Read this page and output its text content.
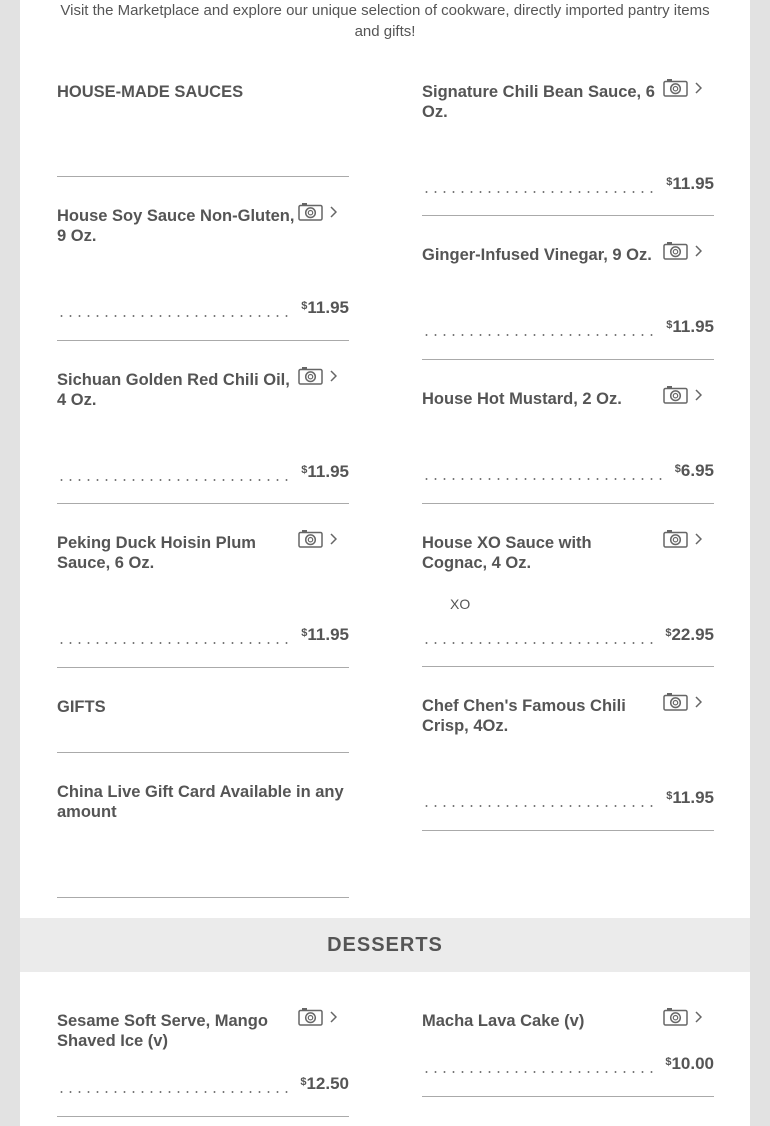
Visit the Marketplace and explore our unique selection of cookware, directly imported pantry items and gifts!

HOUSE-MADE SAUCES
House Soy Sauce Non-Gluten, 9 Oz.
$11.95
Sichuan Golden Red Chili Oil, 4 Oz.
$11.95
Peking Duck Hoisin Plum Sauce, 6 Oz.
$11.95
GIFTS
China Live Gift Card Available in any amount
Signature Chili Bean Sauce, 6 Oz.
$11.95
Ginger-Infused Vinegar, 9 Oz.
$11.95
House Hot Mustard, 2 Oz.
$6.95
House XO Sauce with Cognac, 4 Oz.
XO
$22.95
Chef Chen's Famous Chili Crisp, 4Oz.
$11.95
Sesame Soft Serve, Mango Shaved Ice (v)
$12.50
Macha Lava Cake (v)
$10.00
DESSERTS
